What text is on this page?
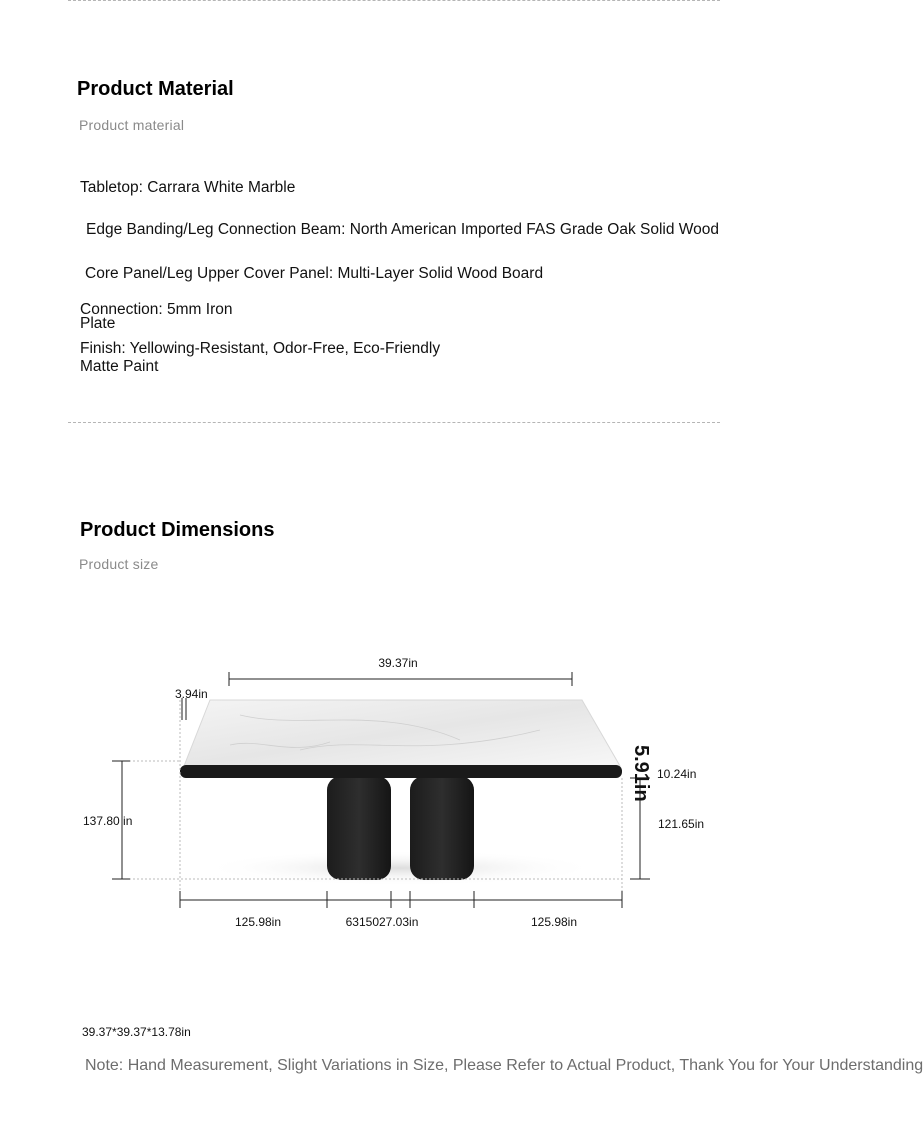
Product Material
Product material
Tabletop: Carrara White Marble
Edge Banding/Leg Connection Beam: North American Imported FAS Grade Oak Solid Wood
Core Panel/Leg Upper Cover Panel: Multi-Layer Solid Wood Board
Connection: 5mm Iron
Plate
Finish: Yellowing-Resistant, Odor-Free, Eco-Friendly
Matte Paint
Product Dimensions
Product size
39.37in
3.94in
137.80 in
5.91in 10.24in
121.65in
125.98in	6315027.03in	125.98in
39.37*39.37*13.78in
Note: Hand Measurement, Slight Variations in Size, Please Refer to Actual Product, Thank You for Your Understanding
